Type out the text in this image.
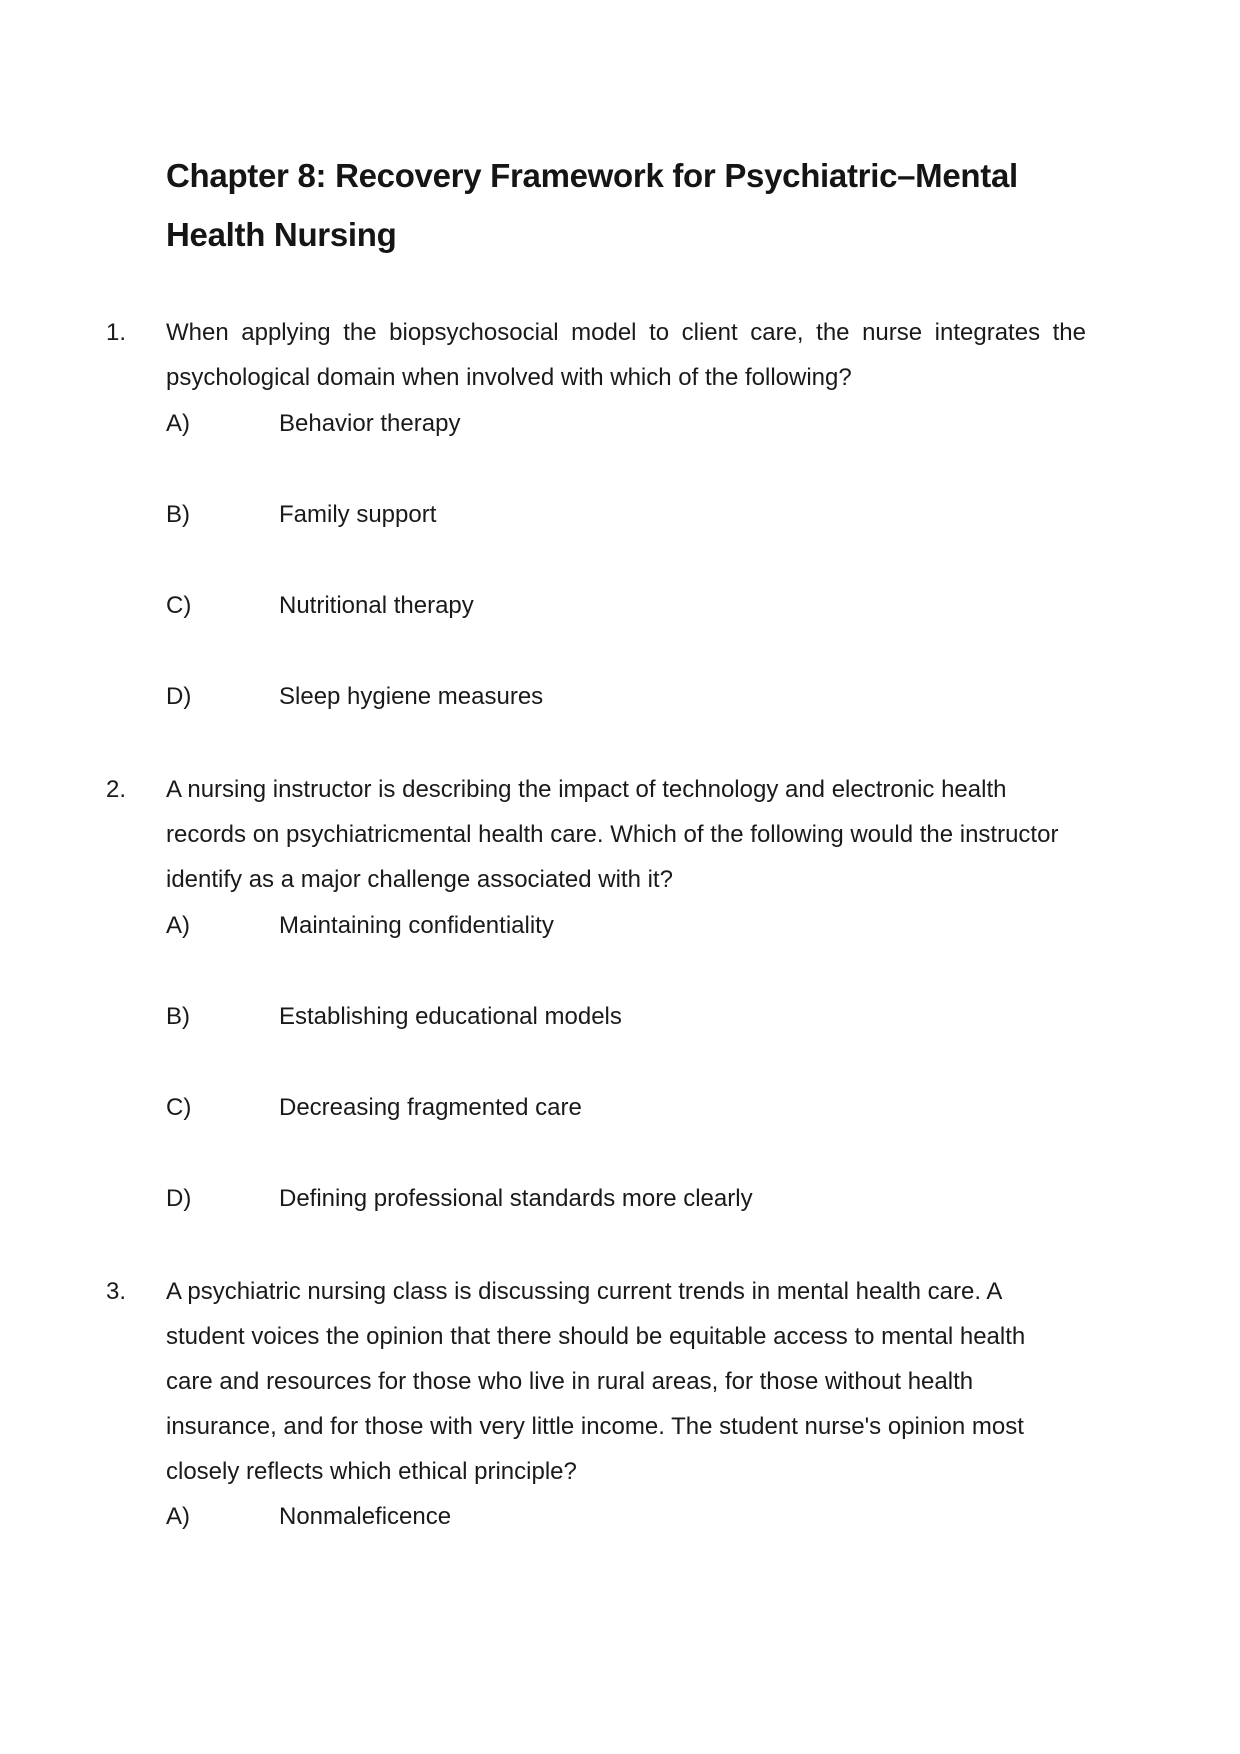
Chapter 8: Recovery Framework for Psychiatric–Mental
Health Nursing
1. When applying the biopsychosocial model to client care, the nurse integrates the psychological domain when involved with which of the following?

A)	Behavior therapy
B)	Family support
C)	Nutritional therapy
D)	Sleep hygiene measures
2. A nursing instructor is describing the impact of technology and electronic health records on psychiatricmental health care. Which of the following would the instructor identify as a major challenge associated with it?

A)	Maintaining confidentiality
B)	Establishing educational models
C)	Decreasing fragmented care
D)	Defining professional standards more clearly
3. A psychiatric nursing class is discussing current trends in mental health care. A student voices the opinion that there should be equitable access to mental health care and resources for those who live in rural areas, for those without health insurance, and for those with very little income. The student nurse's opinion most closely reflects which ethical principle?

A)	Nonmaleficence
